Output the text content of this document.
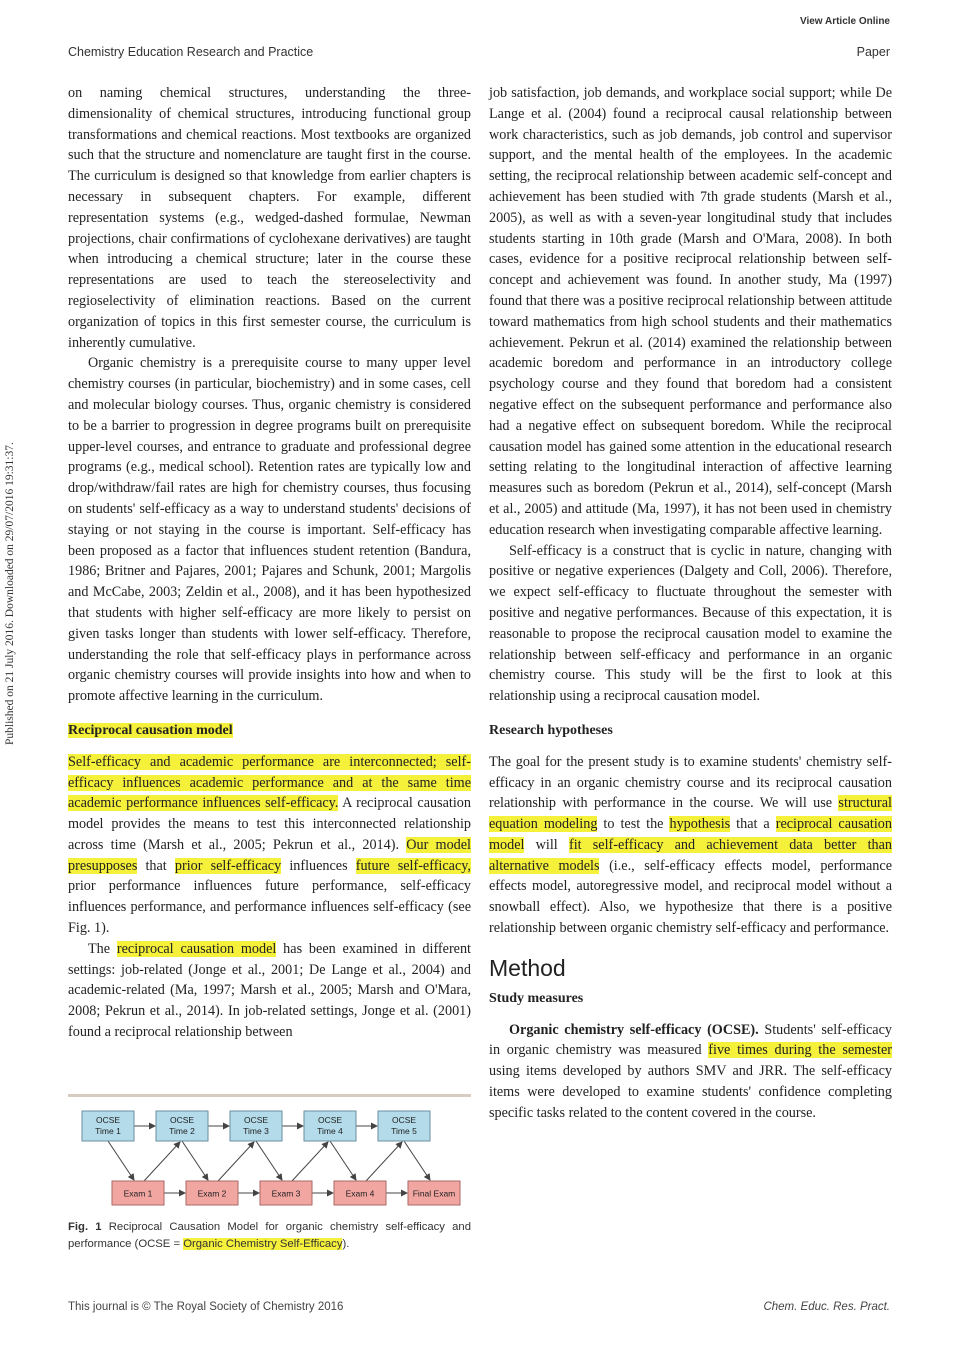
View Article Online
Chemistry Education Research and Practice	Paper
Published on 21 July 2016. Downloaded on 29/07/2016 19:31:37.

on naming chemical structures, understanding the three-dimensionality of chemical structures, introducing functional group transformations and chemical reactions. Most textbooks are organized such that the structure and nomenclature are taught first in the course. The curriculum is designed so that knowledge from earlier chapters is necessary in subsequent chapters. For example, different representation systems (e.g., wedged-dashed formulae, Newman projections, chair confirmations of cyclohexane derivatives) are taught when introducing a chemical structure; later in the course these representations are used to teach the stereoselectivity and regioselectivity of elimination reactions. Based on the current organization of topics in this first semester course, the curriculum is inherently cumulative.

Organic chemistry is a prerequisite course to many upper level chemistry courses (in particular, biochemistry) and in some cases, cell and molecular biology courses. Thus, organic chemistry is considered to be a barrier to progression in degree programs built on prerequisite upper-level courses, and entrance to graduate and professional degree programs (e.g., medical school). Retention rates are typically low and drop/withdraw/fail rates are high for chemistry courses, thus focusing on students' self-efficacy as a way to understand students' decisions of staying or not staying in the course is important. Self-efficacy has been proposed as a factor that influences student retention (Bandura, 1986; Britner and Pajares, 2001; Pajares and Schunk, 2001; Margolis and McCabe, 2003; Zeldin et al., 2008), and it has been hypothesized that students with higher self-efficacy are more likely to persist on given tasks longer than students with lower self-efficacy. Therefore, understanding the role that self-efficacy plays in performance across organic chemistry courses will provide insights into how and when to promote affective learning in the curriculum.

Reciprocal causation model

Self-efficacy and academic performance are interconnected; self-efficacy influences academic performance and at the same time academic performance influences self-efficacy. A reciprocal causation model provides the means to test this interconnected relationship across time (Marsh et al., 2005; Pekrun et al., 2014). Our model presupposes that prior self-efficacy influences future self-efficacy, prior performance influences future performance, self-efficacy influences performance, and performance influences self-efficacy (see Fig. 1).

The reciprocal causation model has been examined in different settings: job-related (Jonge et al., 2001; De Lange et al., 2004) and academic-related (Ma, 1997; Marsh et al., 2005; Marsh and O'Mara, 2008; Pekrun et al., 2014). In job-related settings, Jonge et al. (2001) found a reciprocal relationship between

job satisfaction, job demands, and workplace social support; while De Lange et al. (2004) found a reciprocal causal relationship between work characteristics, such as job demands, job control and supervisor support, and the mental health of the employees. In the academic setting, the reciprocal relationship between academic self-concept and achievement has been studied with 7th grade students (Marsh et al., 2005), as well as with a seven-year longitudinal study that includes students starting in 10th grade (Marsh and O'Mara, 2008). In both cases, evidence for a positive reciprocal relationship between self-concept and achievement was found. In another study, Ma (1997) found that there was a positive reciprocal relationship between attitude toward mathematics from high school students and their mathematics achievement. Pekrun et al. (2014) examined the relationship between academic boredom and performance in an introductory college psychology course and they found that boredom had a consistent negative effect on the subsequent performance and performance also had a negative effect on subsequent boredom. While the reciprocal causation model has gained some attention in the educational research setting relating to the longitudinal interaction of affective learning measures such as boredom (Pekrun et al., 2014), self-concept (Marsh et al., 2005) and attitude (Ma, 1997), it has not been used in chemistry education research when investigating comparable affective learning.

Self-efficacy is a construct that is cyclic in nature, changing with positive or negative experiences (Dalgety and Coll, 2006). Therefore, we expect self-efficacy to fluctuate throughout the semester with positive and negative performances. Because of this expectation, it is reasonable to propose the reciprocal causation model to examine the relationship between self-efficacy and performance in an organic chemistry course. This study will be the first to look at this relationship using a reciprocal causation model.

Research hypotheses

The goal for the present study is to examine students' chemistry self-efficacy in an organic chemistry course and its reciprocal causation relationship with performance in the course. We will use structural equation modeling to test the hypothesis that a reciprocal causation model will fit self-efficacy and achievement data better than alternative models (i.e., self-efficacy effects model, performance effects model, autoregressive model, and reciprocal model without a snowball effect). Also, we hypothesize that there is a positive relationship between organic chemistry self-efficacy and performance.

Method

Study measures

Organic chemistry self-efficacy (OCSE). Students' self-efficacy in organic chemistry was measured five times during the semester using items developed by authors SMV and JRR. The self-efficacy items were developed to examine students' confidence completing specific tasks related to the content covered in the course.

OCSE
Time 1
OCSE
Time 2
OCSE
Time 3
OCSE
Time 4
OCSE
Time 5
Exam 1	Exam 2	Exam 3	Exam 4	Final Exam
Fig. 1 Reciprocal Causation Model for organic chemistry self-efficacy and performance (OCSE = Organic Chemistry Self-Efficacy).
This journal is © The Royal Society of Chemistry 2016	Chem. Educ. Res. Pract.
